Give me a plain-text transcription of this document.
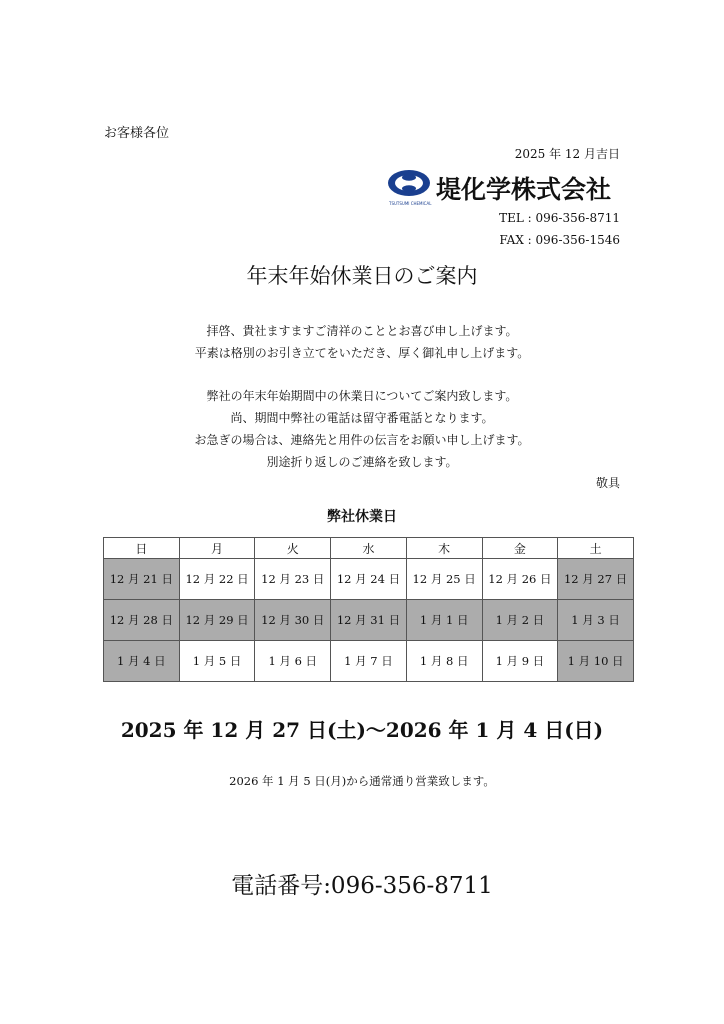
お客様各位
2025 年 12 月吉日
TSUTSUMI CHEMICAL 堤化学株式会社
TEL : 096-356-8711
FAX : 096-356-1546
年末年始休業日のご案内
拝啓、貴社ますますご清祥のこととお喜び申し上げます。
平素は格別のお引き立てをいただき、厚く御礼申し上げます。
弊社の年末年始期間中の休業日についてご案内致します。
尚、期間中弊社の電話は留守番電話となります。
お急ぎの場合は、連絡先と用件の伝言をお願い申し上げます。
別途折り返しのご連絡を致します。
敬具
弊社休業日
日	月	火	水	木	金	土
12 月 21 日	12 月 22 日	12 月 23 日	12 月 24 日	12 月 25 日	12 月 26 日	12 月 27 日
12 月 28 日	12 月 29 日	12 月 30 日	12 月 31 日	1 月 1 日	1 月 2 日	1 月 3 日
1 月 4 日	1 月 5 日	1 月 6 日	1 月 7 日	1 月 8 日	1 月 9 日	1 月 10 日
2025 年 12 月 27 日(土)～2026 年 1 月 4 日(日)
2026 年 1 月 5 日(月)から通常通り営業致します。
電話番号:096-356-8711
